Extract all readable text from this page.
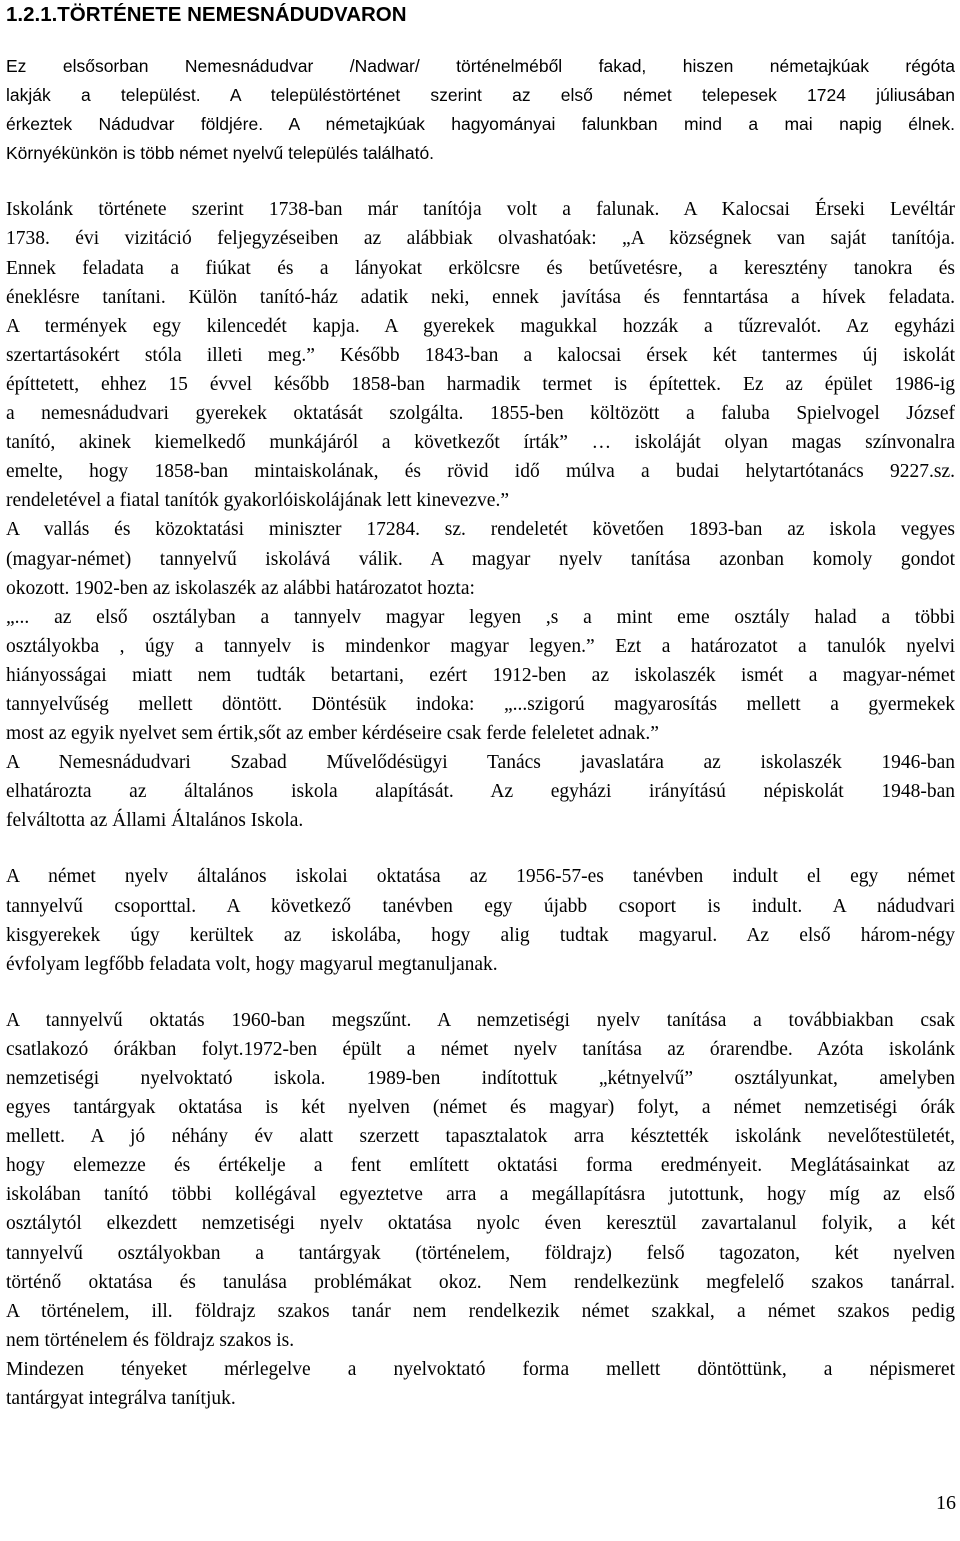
1.2.1.TÖRTÉNETE NEMESNÁDUDVARON
Ez elsősorban Nemesnádudvar /Nadwar/ történelméből fakad, hiszen németajkúak régóta
lakják a települést. A településtörténet szerint az első német telepesek 1724 júliusában
érkeztek Nádudvar földjére. A németajkúak hagyományai falunkban mind a mai napig élnek.
Környékünkön is több német nyelvű település található.
Iskolánk története szerint 1738-ban már tanítója volt a falunak. A Kalocsai Érseki Levéltár
1738. évi vizitáció feljegyzéseiben az alábbiak olvashatóak: „A községnek van saját tanítója.
Ennek feladata a fiúkat és a lányokat erkölcsre és betűvetésre, a keresztény tanokra és
éneklésre tanítani. Külön tanító-ház adatik neki, ennek javítása és fenntartása a hívek feladata.
A termények egy kilencedét kapja. A gyerekek magukkal hozzák a tűzrevalót. Az egyházi
szertartásokért stóla illeti meg.” Később 1843-ban a kalocsai érsek két tantermes új iskolát
építtetett, ehhez 15 évvel később 1858-ban harmadik termet is építettek. Ez az épület 1986-ig
a nemesnádudvari gyerekek oktatását szolgálta. 1855-ben költözött a faluba Spielvogel József
tanító, akinek kiemelkedő munkájáról a következőt írták” … iskoláját olyan magas színvonalra
emelte, hogy 1858-ban mintaiskolának, és rövid idő múlva a budai helytartótanács 9227.sz.
rendeletével a fiatal tanítók gyakorlóiskolájának lett kinevezve.”
A vallás és közoktatási miniszter 17284. sz. rendeletét követően 1893-ban az iskola vegyes
(magyar-német) tannyelvű iskolává válik. A magyar nyelv tanítása azonban komoly gondot
okozott. 1902-ben az iskolaszék az alábbi határozatot hozta:
„... az első osztályban a tannyelv magyar legyen ,s a mint eme osztály halad a többi
osztályokba , úgy a tannyelv is mindenkor magyar legyen.” Ezt a határozatot a tanulók nyelvi
hiányosságai miatt nem tudták betartani, ezért 1912-ben az iskolaszék ismét a magyar-német
tannyelvűség mellett döntött. Döntésük indoka: „...szigorú magyarosítás mellett a gyermekek
most az egyik nyelvet sem értik,sőt az ember kérdéseire csak ferde feleletet adnak.”
A Nemesnádudvari Szabad Művelődésügyi Tanács javaslatára az iskolaszék 1946-ban
elhatározta az általános iskola alapítását. Az egyházi irányítású népiskolát 1948-ban
felváltotta az Állami Általános Iskola.
A német nyelv általános iskolai oktatása az 1956-57-es tanévben indult el egy német
tannyelvű csoporttal. A következő tanévben egy újabb csoport is indult. A nádudvari
kisgyerekek úgy kerültek az iskolába, hogy alig tudtak magyarul. Az első három-négy
évfolyam legfőbb feladata volt, hogy magyarul megtanuljanak.
A tannyelvű oktatás 1960-ban megszűnt. A nemzetiségi nyelv tanítása a továbbiakban csak
csatlakozó órákban folyt.1972-ben épült a német nyelv tanítása az órarendbe. Azóta iskolánk
nemzetiségi nyelvoktató iskola. 1989-ben indítottuk „kétnyelvű” osztályunkat, amelyben
egyes tantárgyak oktatása is két nyelven (német és magyar) folyt, a német nemzetiségi órák
mellett. A jó néhány év alatt szerzett tapasztalatok arra késztették iskolánk nevelőtestületét,
hogy elemezze és értékelje a fent említett oktatási forma eredményeit. Meglátásainkat az
iskolában tanító többi kollégával egyeztetve arra a megállapításra jutottunk, hogy míg az első
osztálytól elkezdett nemzetiségi nyelv oktatása nyolc éven keresztül zavartalanul folyik, a két
tannyelvű osztályokban a tantárgyak (történelem, földrajz) felső tagozaton, két nyelven
történő oktatása és tanulása problémákat okoz. Nem rendelkezünk megfelelő szakos tanárral.
A történelem, ill. földrajz szakos tanár nem rendelkezik német szakkal, a német szakos pedig
nem történelem és földrajz szakos is.
Mindezen tényeket mérlegelve a nyelvoktató forma mellett döntöttünk, a népismeret
tantárgyat integrálva tanítjuk.
16
